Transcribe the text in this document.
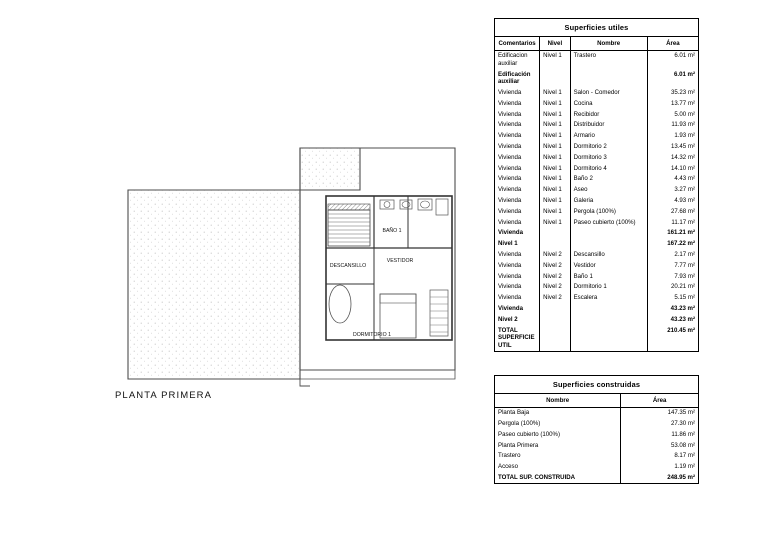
DESCANSILLO
VESTIDOR
BAÑO 1
DORMITORIO 1
PLANTA PRIMERA
Superficies utiles
Comentarios	Nivel	Nombre	Área
Edificacion auxiliar	Nivel 1	Trastero	6.01 m²
Edificación auxiliar			6.01 m²
Vivienda	Nivel 1	Salon - Comedor	35.23 m²
Vivienda	Nivel 1	Cocina	13.77 m²
Vivienda	Nivel 1	Recibidor	5.00 m²
Vivienda	Nivel 1	Distribuidor	11.93 m²
Vivienda	Nivel 1	Armario	1.93 m²
Vivienda	Nivel 1	Dormitorio 2	13.45 m²
Vivienda	Nivel 1	Dormitorio 3	14.32 m²
Vivienda	Nivel 1	Dormitorio 4	14.10 m²
Vivienda	Nivel 1	Baño 2	4.43 m²
Vivienda	Nivel 1	Aseo	3.27 m²
Vivienda	Nivel 1	Galeria	4.93 m²
Vivienda	Nivel 1	Pergola (100%)	27.68 m²
Vivienda	Nivel 1	Paseo cubierto (100%)	11.17 m²
Vivienda			161.21 m²
Nivel 1			167.22 m²
Vivienda	Nivel 2	Descansillo	2.17 m²
Vivienda	Nivel 2	Vestidor	7.77 m²
Vivienda	Nivel 2	Baño 1	7.93 m²
Vivienda	Nivel 2	Dormitorio 1	20.21 m²
Vivienda	Nivel 2	Escalera	5.15 m²
Vivienda			43.23 m²
Nivel 2			43.23 m²
TOTAL SUPERFICIE UTIL			210.45 m²
Superficies construidas
Nombre	Área
Planta Baja	147.35 m²
Pergola (100%)	27.30 m²
Paseo cubierto (100%)	11.86 m²
Planta Primera	53.08 m²
Trastero	8.17 m²
Acceso	1.19 m²
TOTAL SUP. CONSTRUIDA	248.95 m²
